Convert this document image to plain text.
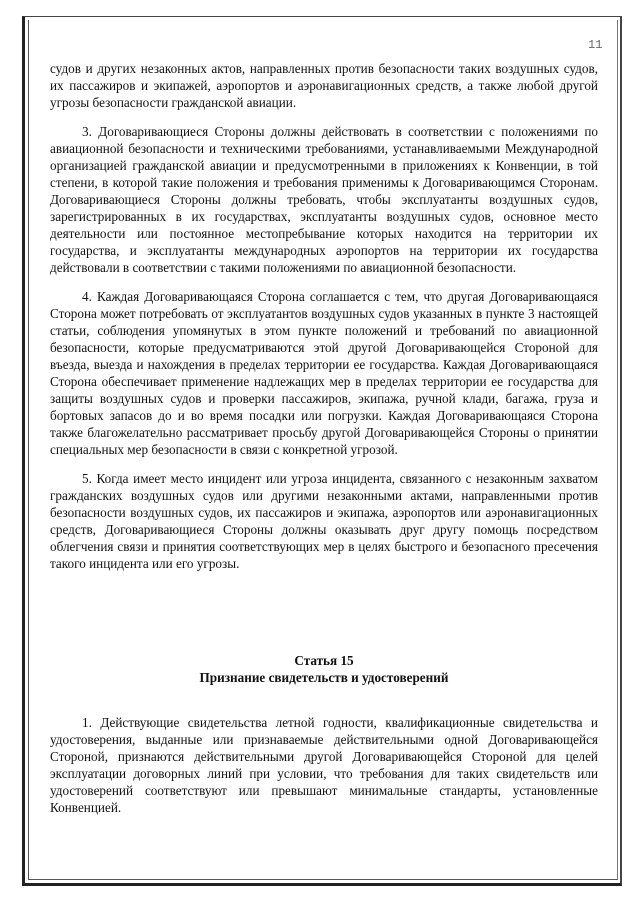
11

судов и других незаконных актов, направленных против безопасности таких воздушных судов, их пассажиров и экипажей, аэропортов и аэронавигационных средств, а также любой другой угрозы безопасности гражданской авиации.

3. Договаривающиеся Стороны должны действовать в соответствии с положениями по авиационной безопасности и техническими требованиями, устанавливаемыми Международной организацией гражданской авиации и предусмотренными в приложениях к Конвенции, в той степени, в которой такие положения и требования применимы к Договаривающимся Сторонам. Договаривающиеся Стороны должны требовать, чтобы эксплуатанты воздушных судов, зарегистрированных в их государствах, эксплуатанты воздушных судов, основное место деятельности или постоянное местопребывание которых находится на территории их государства, и эксплуатанты международных аэропортов на территории их государства действовали в соответствии с такими положениями по авиационной безопасности.

4. Каждая Договаривающаяся Сторона соглашается с тем, что другая Договаривающаяся Сторона может потребовать от эксплуатантов воздушных судов указанных в пункте 3 настоящей статьи, соблюдения упомянутых в этом пункте положений и требований по авиационной безопасности, которые предусматриваются этой другой Договаривающейся Стороной для въезда, выезда и нахождения в пределах территории ее государства. Каждая Договаривающаяся Сторона обеспечивает применение надлежащих мер в пределах территории ее государства для защиты воздушных судов и проверки пассажиров, экипажа, ручной клади, багажа, груза и бортовых запасов до и во время посадки или погрузки. Каждая Договаривающаяся Сторона также благожелательно рассматривает просьбу другой Договаривающейся Стороны о принятии специальных мер безопасности в связи с конкретной угрозой.

5. Когда имеет место инцидент или угроза инцидента, связанного с незаконным захватом гражданских воздушных судов или другими незаконными актами, направленными против безопасности воздушных судов, их пассажиров и экипажа, аэропортов или аэронавигационных средств, Договаривающиеся Стороны должны оказывать друг другу помощь посредством облегчения связи и принятия соответствующих мер в целях быстрого и безопасного пресечения такого инцидента или его угрозы.

Статья 15
Признание свидетельств и удостоверений

1. Действующие свидетельства летной годности, квалификационные свидетельства и удостоверения, выданные или признаваемые действительными одной Договаривающейся Стороной, признаются действительными другой Договаривающейся Стороной для целей эксплуатации договорных линий при условии, что требования для таких свидетельств или удостоверений соответствуют или превышают минимальные стандарты, установленные Конвенцией.
